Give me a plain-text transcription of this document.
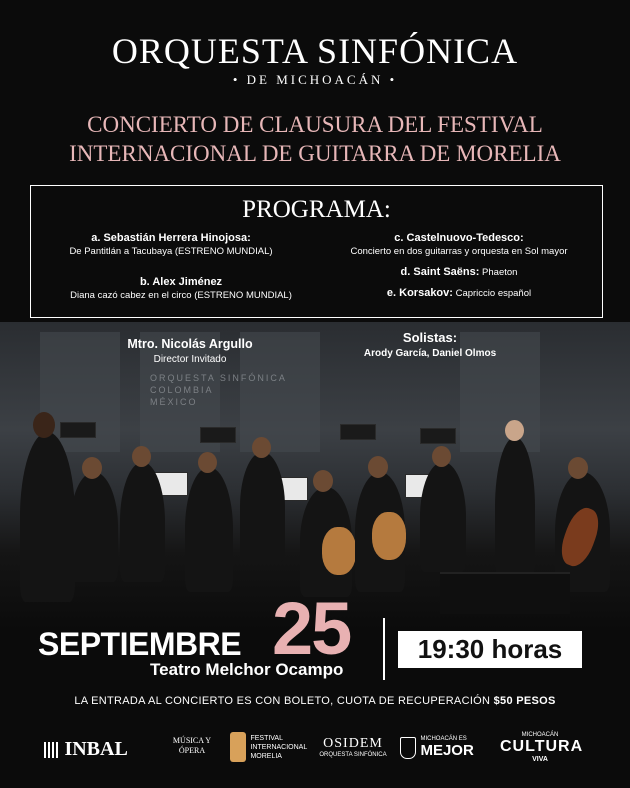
ORQUESTA SINFÓNICA
• DE MICHOACÁN •
CONCIERTO DE CLAUSURA DEL FESTIVAL
INTERNACIONAL DE GUITARRA DE MORELIA
PROGRAMA:
a. Sebastián Herrera Hinojosa:
De Pantitlán a Tacubaya (ESTRENO MUNDIAL)
b. Alex Jiménez
Diana cazó cabez en el circo (ESTRENO MUNDIAL)
c. Castelnuovo-Tedesco:
Concierto en dos guitarras y orquesta en Sol mayor
d. Saint Saëns: Phaeton
e. Korsakov: Capriccio español
ORQUESTA SINFÓNICA
COLOMBIA
MÉXICO
Mtro. Nicolás Argullo
Director Invitado
Solistas:
Arody García, Daniel Olmos
25
SEPTIEMBRE
Teatro Melchor Ocampo
19:30 horas
LA ENTRADA AL CONCIERTO ES CON BOLETO, CUOTA DE RECUPERACIÓN $50 PESOS
INBAL	MÚSICA Y ÓPERA
FESTIVAL INTERNACIONAL MORELIA
OSIDEM
ORQUESTA SINFÓNICA

MICHOACÁN ES
MEJOR
MICHOACÁN
CULTURA
VIVA
